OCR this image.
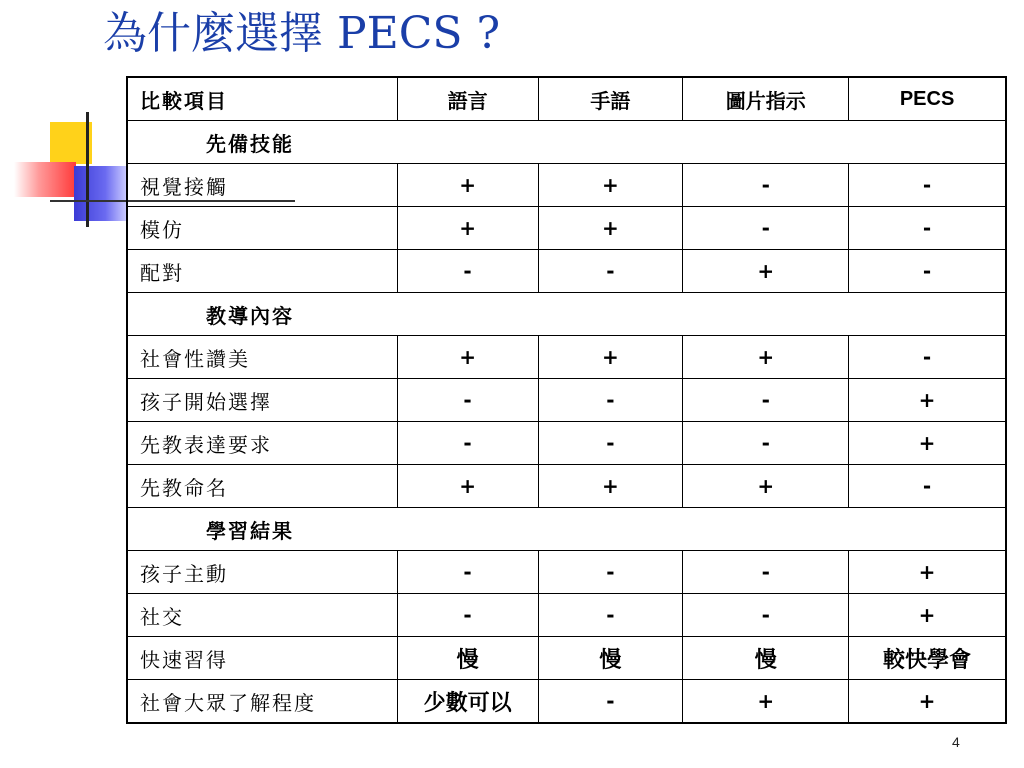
為什麼選擇 PECS ?
比較項目	語言	手語	圖片指示	PECS
先備技能				
視覺接觸	+	+	-	-
模仿	+	+	-	-
配對	-	-	+	-
教導內容				
社會性讚美	+	+	+	-
孩子開始選擇	-	-	-	+
先教表達要求	-	-	-	+
先教命名	+	+	+	-
學習結果				
孩子主動	-	-	-	+
社交	-	-	-	+
快速習得	慢	慢	慢	較快學會
社會大眾了解程度	少數可以	-	+	+
4
